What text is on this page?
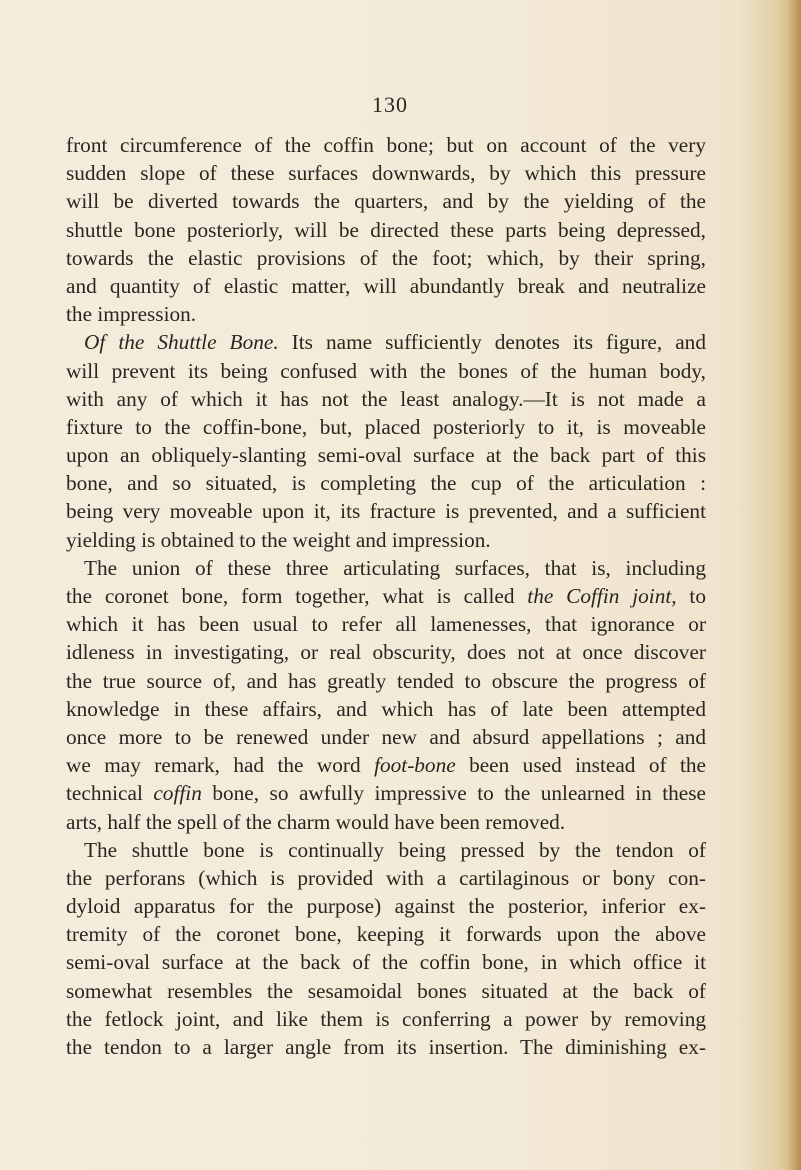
130
front circumference of the coffin bone; but on account of the very
sudden slope of these surfaces downwards, by which this pressure
will be diverted towards the quarters, and by the yielding of the
shuttle bone posteriorly, will be directed these parts being depressed,
towards the elastic provisions of the foot; which, by their spring,
and quantity of elastic matter, will abundantly break and neutralize
the impression.
Of the Shuttle Bone. Its name sufficiently denotes its figure, and
will prevent its being confused with the bones of the human body,
with any of which it has not the least analogy.—It is not made a
fixture to the coffin-bone, but, placed posteriorly to it, is moveable
upon an obliquely-slanting semi-oval surface at the back part of this
bone, and so situated, is completing the cup of the articulation :
being very moveable upon it, its fracture is prevented, and a sufficient
yielding is obtained to the weight and impression.
The union of these three articulating surfaces, that is, including
the coronet bone, form together, what is called the Coffin joint, to
which it has been usual to refer all lamenesses, that ignorance or
idleness in investigating, or real obscurity, does not at once discover
the true source of, and has greatly tended to obscure the progress of
knowledge in these affairs, and which has of late been attempted
once more to be renewed under new and absurd appellations ; and
we may remark, had the word foot-bone been used instead of the
technical coffin bone, so awfully impressive to the unlearned in these
arts, half the spell of the charm would have been removed.
The shuttle bone is continually being pressed by the tendon of
the perforans (which is provided with a cartilaginous or bony con-
dyloid apparatus for the purpose) against the posterior, inferior ex-
tremity of the coronet bone, keeping it forwards upon the above
semi-oval surface at the back of the coffin bone, in which office it
somewhat resembles the sesamoidal bones situated at the back of
the fetlock joint, and like them is conferring a power by removing
the tendon to a larger angle from its insertion. The diminishing ex-
